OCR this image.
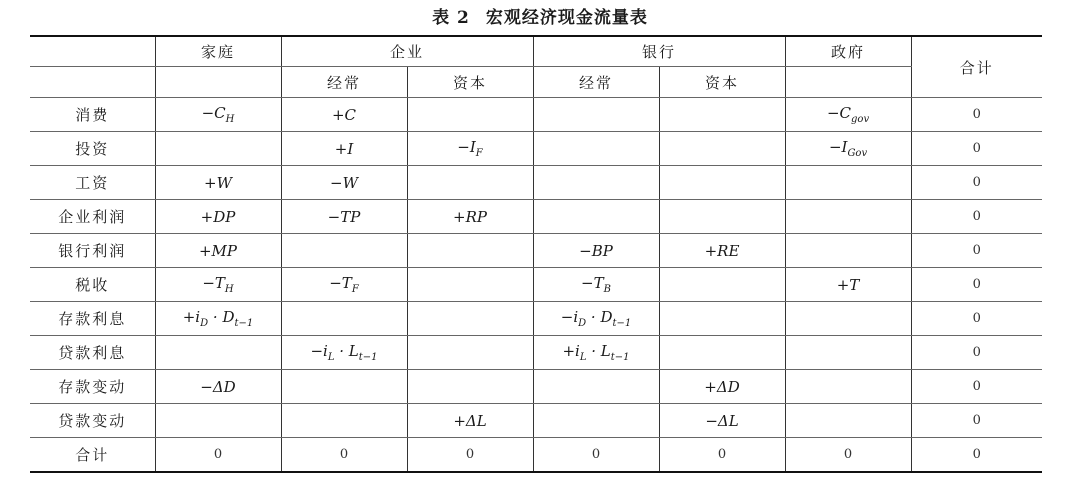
表 2 宏观经济现金流量表
	家庭	企业		银行		政府	合计
		经常	资本	经常	资本		
消费	$-C_H$	+C				$-C_{gov}$	0
投资		+I	$-I_F$			$-I_{Gov}$	0
工资	+W	−W					0
企业利润	+DP	−TP	+RP				0
银行利润	+MP			−BP	+RE		0
税收	$-T_H$	$-T_F$		$-T_B$		+T	0
存款利息	$+i_D \cdot D_{t-1}$			$-i_D \cdot D_{t-1}$			0
贷款利息		$-i_L \cdot L_{t-1}$		$+i_L \cdot L_{t-1}$			0
存款变动	−ΔD				+ΔD		0
贷款变动			+ΔL		−ΔL		0
合计	0	0	0	0	0	0	0
